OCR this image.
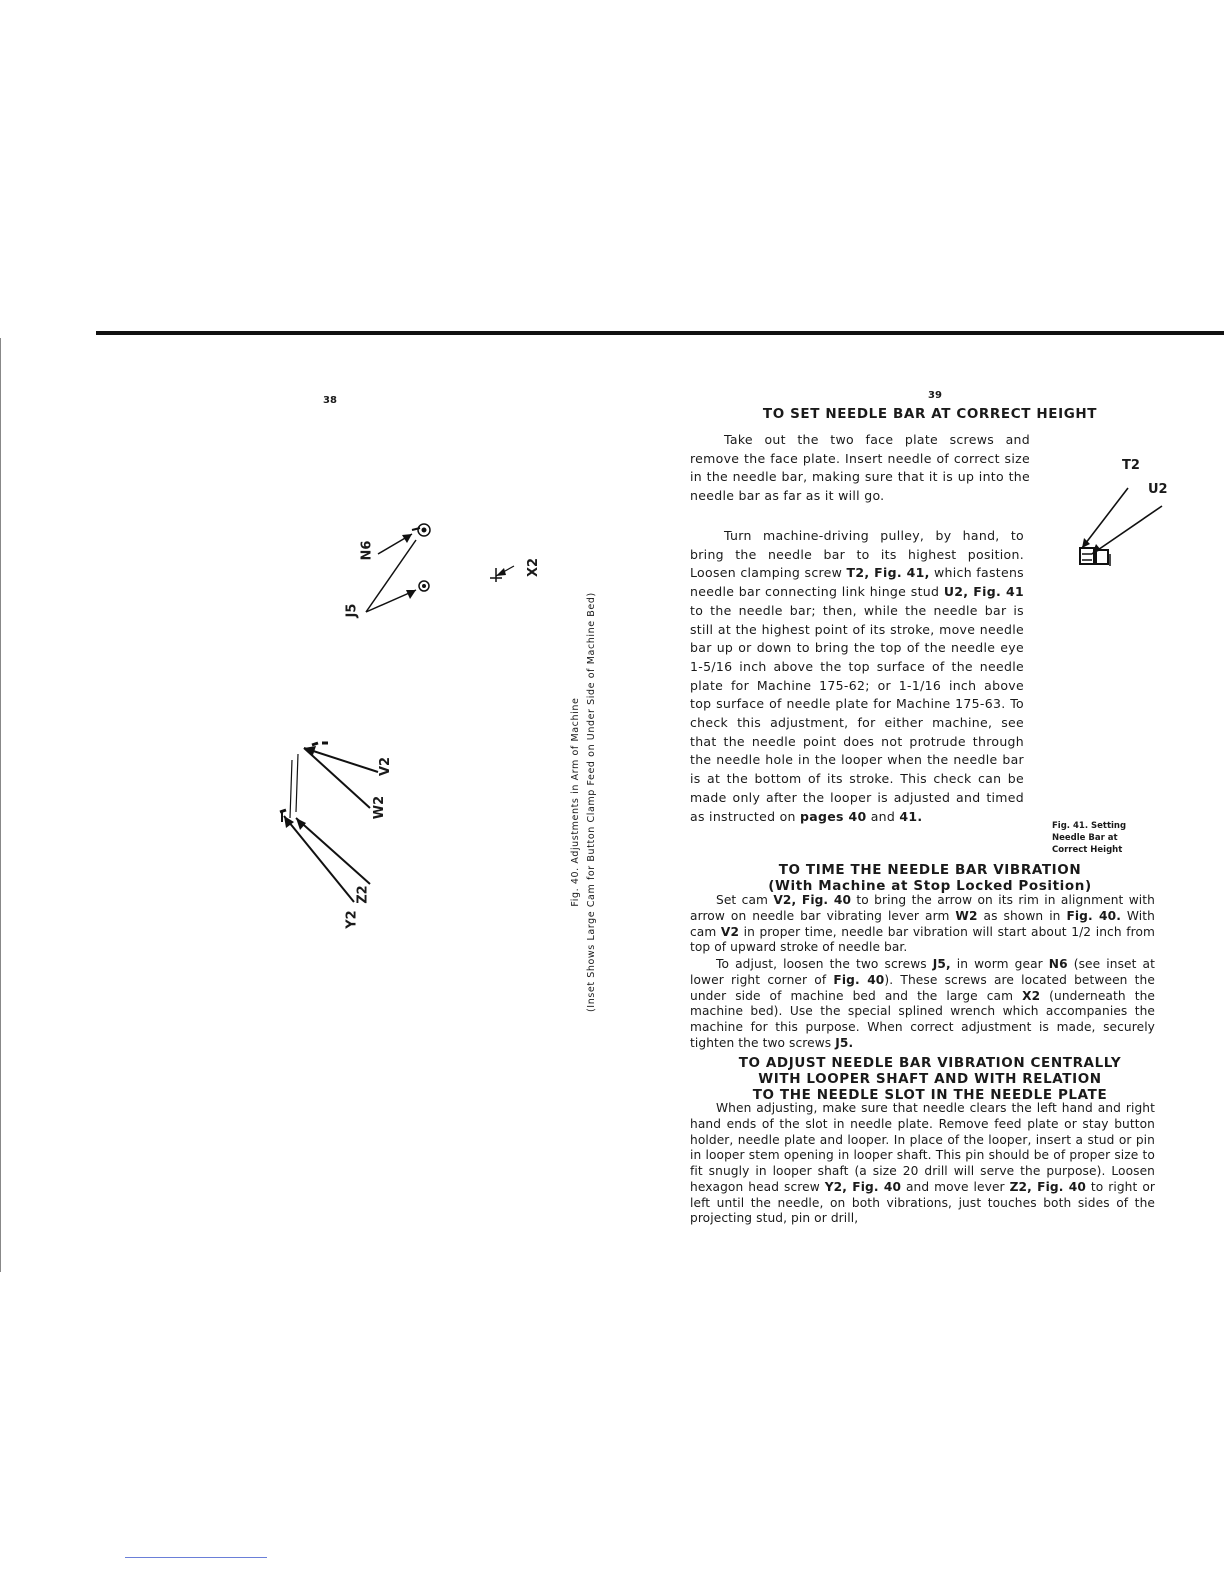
38	39
TO SET NEEDLE BAR AT CORRECT HEIGHT
Take out the two face plate screws and remove the face plate. Insert needle of correct size in the needle bar, making sure that it is up into the needle bar as far as it will go.
Turn machine-driving pulley, by hand, to bring the needle bar to its highest position. Loosen clamping screw T2, Fig. 41, which fastens needle bar connecting link hinge stud U2, Fig. 41 to the needle bar; then, while the needle bar is still at the highest point of its stroke, move needle bar up or down to bring the top of the needle eye 1-5/16 inch above the top surface of the needle plate for Machine 175-62; or 1-1/16 inch above top surface of needle plate for Machine 175-63. To check this adjustment, for either machine, see that the needle point does not protrude through the needle hole in the looper when the needle bar is at the bottom of its stroke. This check can be made only after the looper is adjusted and timed as instructed on pages 40 and 41.
T2
U2
Fig. 41. Setting
Needle Bar at
Correct Height
TO TIME THE NEEDLE BAR VIBRATION
(With Machine at Stop Locked Position)
Set cam V2, Fig. 40 to bring the arrow on its rim in alignment with arrow on needle bar vibrating lever arm W2 as shown in Fig. 40. With cam V2 in proper time, needle bar vibration will start about 1/2 inch from top of upward stroke of needle bar.
To adjust, loosen the two screws J5, in worm gear N6 (see inset at lower right corner of Fig. 40). These screws are located between the under side of machine bed and the large cam X2 (underneath the machine bed). Use the special splined wrench which accompanies the machine for this purpose. When correct adjustment is made, securely tighten the two screws J5.
TO ADJUST NEEDLE BAR VIBRATION CENTRALLY
WITH LOOPER SHAFT AND WITH RELATION
TO THE NEEDLE SLOT IN THE NEEDLE PLATE
When adjusting, make sure that needle clears the left hand and right hand ends of the slot in needle plate. Remove feed plate or stay button holder, needle plate and looper. In place of the looper, insert a stud or pin in looper stem opening in looper shaft. This pin should be of proper size to fit snugly in looper shaft (a size 20 drill will serve the purpose). Loosen hexagon head screw Y2, Fig. 40 and move lever Z2, Fig. 40 to right or left until the needle, on both vibrations, just touches both sides of the projecting stud, pin or drill,
N6
J5
X2
V2
W2
Z2
Y2
Fig. 40. Adjustments in Arm of Machine (Inset Shows Large Cam for Button Clamp Feed on Under Side of Machine Bed)
